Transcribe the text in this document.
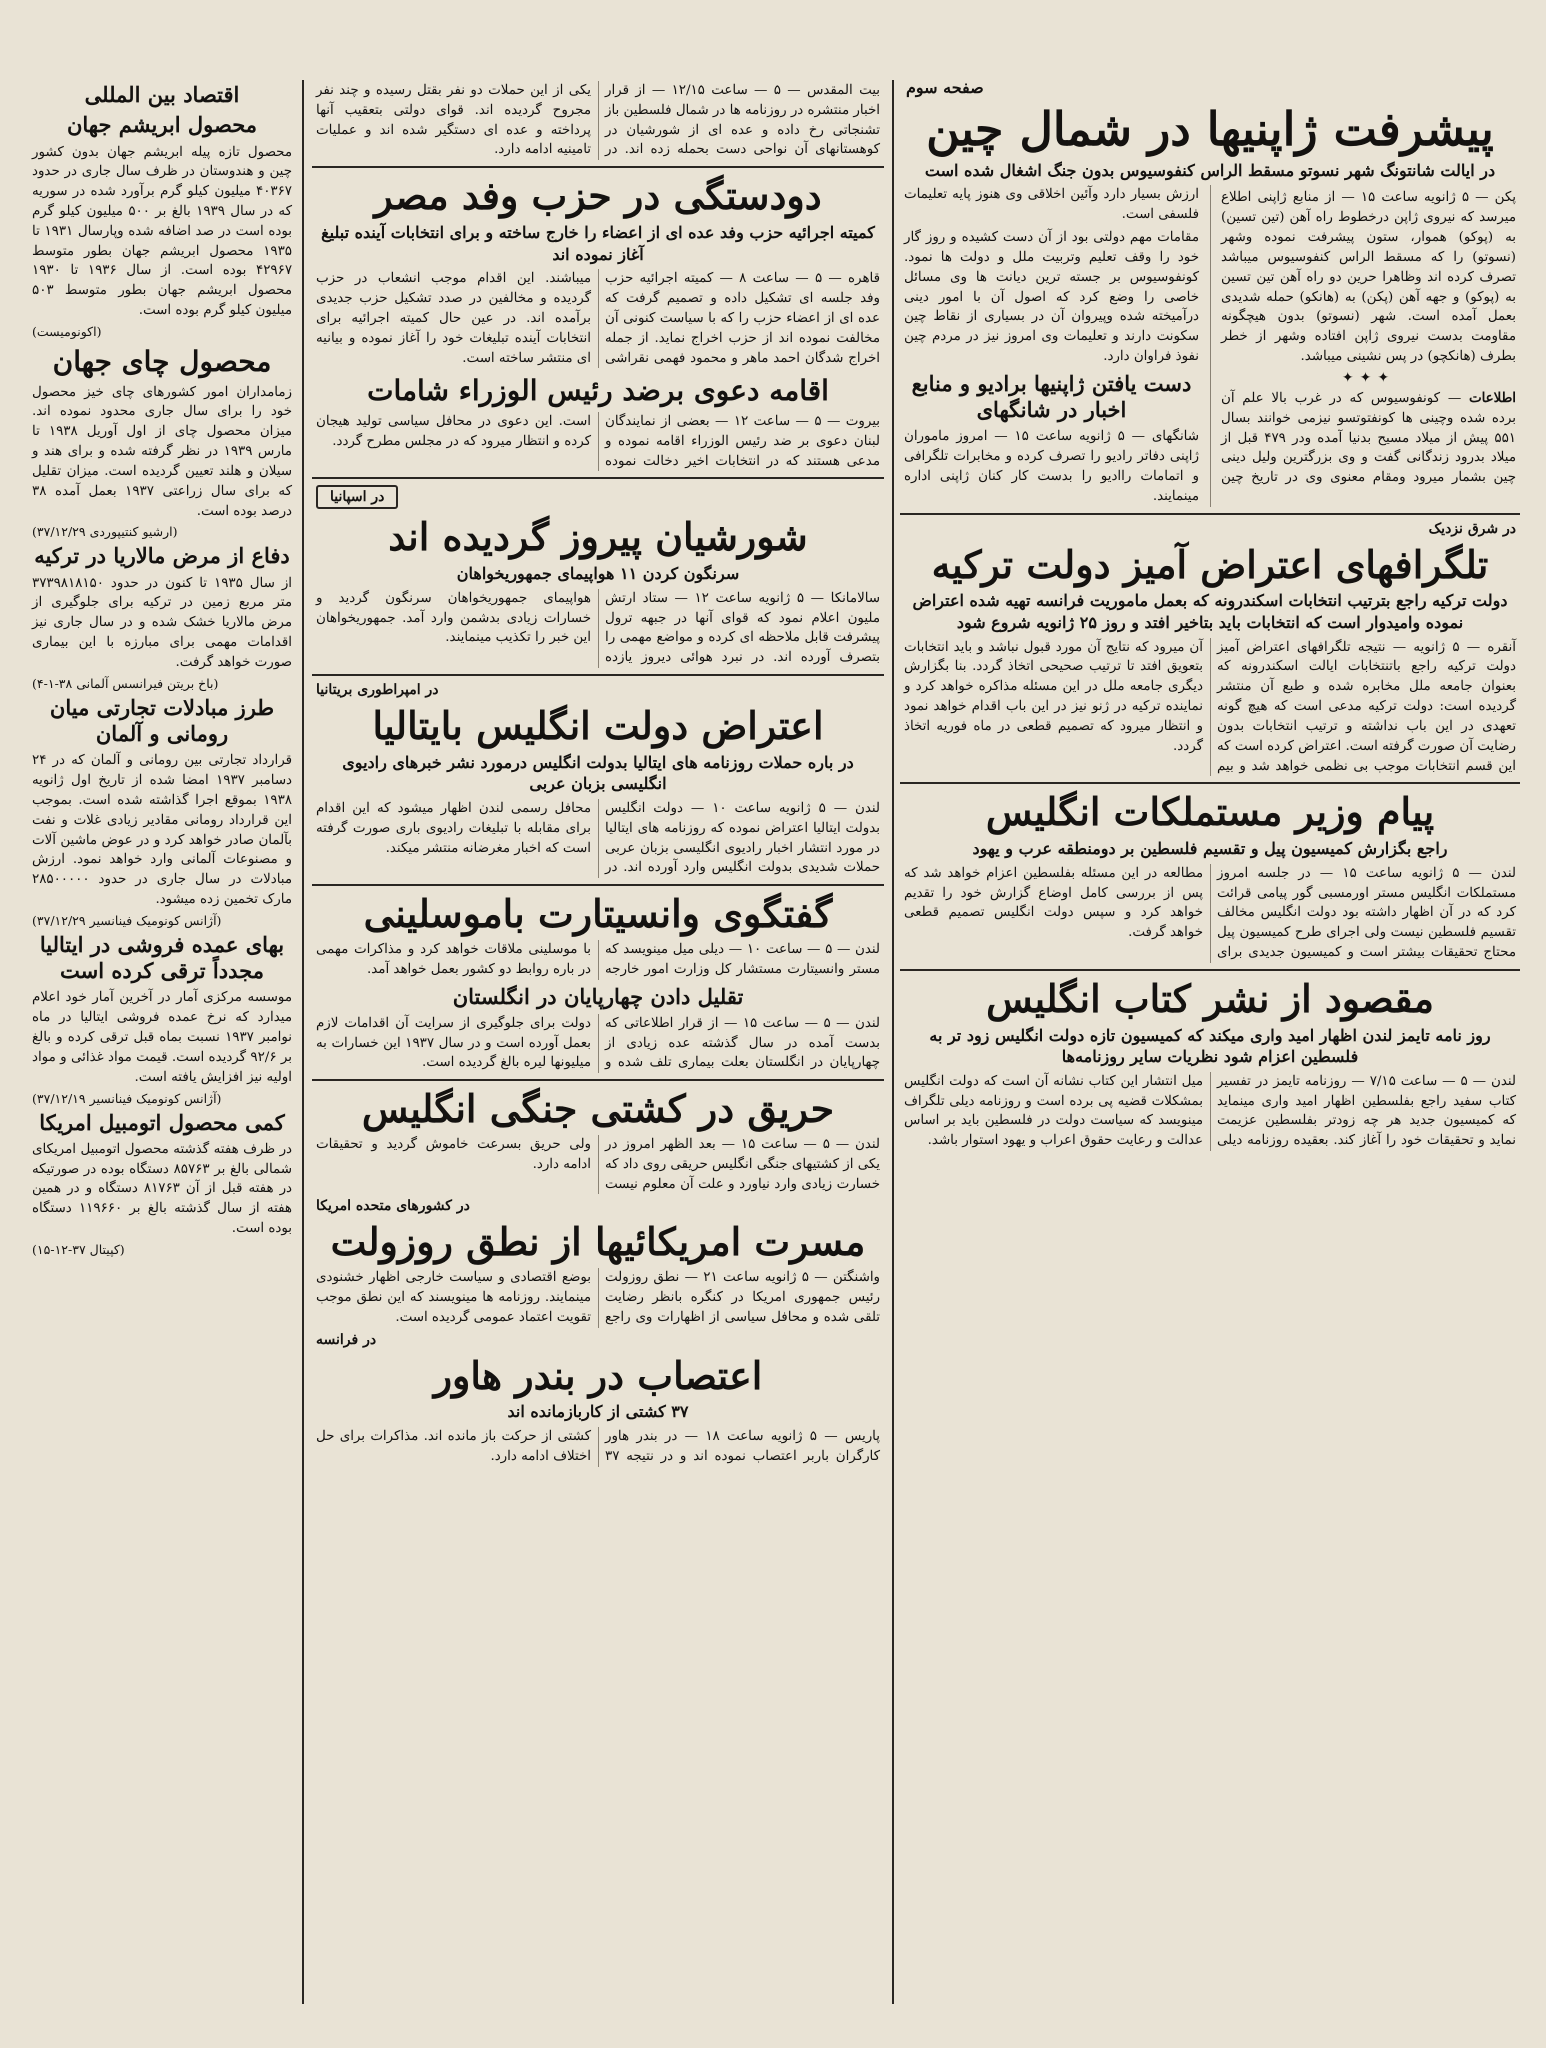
صفحه سوم
پیشرفت ژاپنیها در شمال چین
در ایالت شانتونگ شهر نسوتو مسقط الراس کنفوسیوس بدون جنگ اشغال شده است
پکن — ۵ ژانویه ساعت ۱۵ — از منابع ژاپنی اطلاع میرسد که نیروی ژاپن درخطوط راه آهن (تین تسین) به (پوکو) هموار، ستون پیشرفت نموده وشهر (نسوتو) را که مسقط الراس کنفوسیوس میباشد تصرف کرده اند وظاهرا حرین دو راه آهن تین تسین به (پوکو) و جهه آهن (پکن) به (هانکو) حمله شدیدی بعمل آمده است. شهر (نسوتو) بدون هیچگونه مقاومت بدست نیروی ژاپن افتاده وشهر از خطر بطرف (هانکچو) در پس نشینی میباشد.
✦✦✦
اطلاعات — کونفوسیوس که در غرب بالا علم آن برده شده وچینی ها کونفتوتسو نیزمی خوانند بسال ۵۵۱ پیش از میلاد مسیح بدنیا آمده ودر ۴۷۹ قبل از میلاد بدرود زندگانی گفت و وی بزرگترین ولیل دینی چین بشمار میرود ومقام معنوی وی در تاریخ چین ارزش بسیار دارد وآئین اخلاقی وی هنوز پایه تعلیمات فلسفی است.
مقامات مهم دولتی بود از آن دست کشیده و روز گار خود را وقف تعلیم وتربیت ملل و دولت ها نمود. کونفوسیوس بر جسته ترین دیانت ها وی مسائل خاصی را وضع کرد که اصول آن با امور دینی درآمیخته شده وپیروان آن در بسیاری از نقاط چین سکونت دارند و تعلیمات وی امروز نیز در مردم چین نفوذ فراوان دارد.
دست یافتن ژاپنیها برادیو و منابع اخبار در شانگهای
شانگهای — ۵ ژانویه ساعت ۱۵ — امروز ماموران ژاپنی دفاتر رادیو را تصرف کرده و مخابرات تلگرافی و اتمامات راادیو را بدست کار کنان ژاپنی اداره مینمایند.
در شرق نزدیک
تلگرافهای اعتراض آمیز دولت ترکیه
دولت ترکیه راجع بترتیب انتخابات اسکندرونه که بعمل ماموریت فرانسه تهیه شده اعتراض نموده وامیدوار است که انتخابات باید بتاخیر افتد و روز ۲۵ ژانویه شروع شود
آنقره — ۵ ژانویه — نتیجه تلگرافهای اعتراض آمیز دولت ترکیه راجع باتنتخابات ایالت اسکندرونه که بعنوان جامعه ملل مخابره شده و طبع آن منتشر گردیده است: دولت ترکیه مدعی است که هیچ گونه تعهدی در این باب نداشته و ترتیب انتخابات بدون رضایت آن صورت گرفته است. اعتراض کرده است که این قسم انتخابات موجب بی نظمی خواهد شد و بیم آن میرود که نتایج آن مورد قبول نباشد و باید انتخابات بتعویق افتد تا ترتیب صحیحی اتخاذ گردد. بنا بگزارش دیگری جامعه ملل در این مسئله مذاکره خواهد کرد و نماینده ترکیه در ژنو نیز در این باب اقدام خواهد نمود و انتظار میرود که تصمیم قطعی در ماه فوریه اتخاذ گردد.
پیام وزیر مستملکات انگلیس
راجع بگزارش کمیسیون پیل و تقسیم فلسطین بر دومنطقه عرب و یهود
لندن — ۵ ژانویه ساعت ۱۵ — در جلسه امروز مستملکات انگلیس مستر اورمسبی گور پیامی قرائت کرد که در آن اظهار داشته بود دولت انگلیس مخالف تقسیم فلسطین نیست ولی اجرای طرح کمیسیون پیل محتاج تحقیقات بیشتر است و کمیسیون جدیدی برای مطالعه در این مسئله بفلسطین اعزام خواهد شد که پس از بررسی کامل اوضاع گزارش خود را تقدیم خواهد کرد و سپس دولت انگلیس تصمیم قطعی خواهد گرفت.
مقصود از نشر کتاب انگلیس
روز نامه تایمز لندن اظهار امید واری میکند که کمیسیون تازه دولت انگلیس زود تر به فلسطین اعزام شود نظریات سایر روزنامه‌ها
لندن — ۵ — ساعت ۷/۱۵ — روزنامه تایمز در تفسیر کتاب سفید راجع بفلسطین اظهار امید واری مینماید که کمیسیون جدید هر چه زودتر بفلسطین عزیمت نماید و تحقیقات خود را آغاز کند. بعقیده روزنامه دیلی میل انتشار این کتاب نشانه آن است که دولت انگلیس بمشکلات قضیه پی برده است و روزنامه دیلی تلگراف مینویسد که سیاست دولت در فلسطین باید بر اساس عدالت و رعایت حقوق اعراب و یهود استوار باشد.
بیت المقدس — ۵ — ساعت ۱۲/۱۵ — از قرار اخبار منتشره در روزنامه ها در شمال فلسطین باز تشنجاتی رخ داده و عده ای از شورشیان در کوهستانهای آن نواحی دست بحمله زده اند. در یکی از این حملات دو نفر بقتل رسیده و چند نفر مجروح گردیده اند. قوای دولتی بتعقیب آنها پرداخته و عده ای دستگیر شده اند و عملیات تامینیه ادامه دارد.
دودستگی در حزب وفد مصر
کمیته اجرائیه حزب وفد عده ای از اعضاء را خارج ساخته و برای انتخابات آینده تبلیغ آغاز نموده اند
قاهره — ۵ — ساعت ۸ — کمیته اجرائیه حزب وفد جلسه ای تشکیل داده و تصمیم گرفت که عده ای از اعضاء حزب را که با سیاست کنونی آن مخالفت نموده اند از حزب اخراج نماید. از جمله اخراج شدگان احمد ماهر و محمود فهمی نقراشی میباشند. این اقدام موجب انشعاب در حزب گردیده و مخالفین در صدد تشکیل حزب جدیدی برآمده اند. در عین حال کمیته اجرائیه برای انتخابات آینده تبلیغات خود را آغاز نموده و بیانیه ای منتشر ساخته است.
اقامه دعوی برضد رئیس الوزراء شامات
بیروت — ۵ — ساعت ۱۲ — بعضی از نمایندگان لبنان دعوی بر ضد رئیس الوزراء اقامه نموده و مدعی هستند که در انتخابات اخیر دخالت نموده است. این دعوی در محافل سیاسی تولید هیجان کرده و انتظار میرود که در مجلس مطرح گردد.
در اسپانیا
شورشیان پیروز گردیده اند
سرنگون کردن ۱۱ هواپیمای جمهوریخواهان
سالامانکا — ۵ ژانویه ساعت ۱۲ — ستاد ارتش ملیون اعلام نمود که قوای آنها در جبهه ترول پیشرفت قابل ملاحظه ای کرده و مواضع مهمی را بتصرف آورده اند. در نبرد هوائی دیروز یازده هواپیمای جمهوریخواهان سرنگون گردید و خسارات زیادی بدشمن وارد آمد. جمهوریخواهان این خبر را تکذیب مینمایند.
در امپراطوری بریتانیا
اعتراض دولت انگلیس بایتالیا
در باره حملات روزنامه های ایتالیا بدولت انگلیس درمورد نشر خبرهای رادیوی انگلیسی بزبان عربی
لندن — ۵ ژانویه ساعت ۱۰ — دولت انگلیس بدولت ایتالیا اعتراض نموده که روزنامه های ایتالیا در مورد انتشار اخبار رادیوی انگلیسی بزبان عربی حملات شدیدی بدولت انگلیس وارد آورده اند. در محافل رسمی لندن اظهار میشود که این اقدام برای مقابله با تبلیغات رادیوی باری صورت گرفته است که اخبار مغرضانه منتشر میکند.
گفتگوی وانسیتارت باموسلینی
لندن — ۵ — ساعت ۱۰ — دیلی میل مینویسد که مستر وانسیتارت مستشار کل وزارت امور خارجه با موسلینی ملاقات خواهد کرد و مذاکرات مهمی در باره روابط دو کشور بعمل خواهد آمد.
تقلیل دادن چهارپایان در انگلستان
لندن — ۵ — ساعت ۱۵ — از قرار اطلاعاتی که بدست آمده در سال گذشته عده زیادی از چهارپایان در انگلستان بعلت بیماری تلف شده و دولت برای جلوگیری از سرایت آن اقدامات لازم بعمل آورده است و در سال ۱۹۳۷ این خسارات به میلیونها لیره بالغ گردیده است.
حریق در کشتی جنگی انگلیس
لندن — ۵ — ساعت ۱۵ — بعد الظهر امروز در یکی از کشتیهای جنگی انگلیس حریقی روی داد که خسارت زیادی وارد نیاورد و علت آن معلوم نیست ولی حریق بسرعت خاموش گردید و تحقیقات ادامه دارد.
در کشورهای متحده امریکا
مسرت امریکائیها از نطق روزولت
واشنگتن — ۵ ژانویه ساعت ۲۱ — نطق روزولت رئیس جمهوری امریکا در کنگره بانظر رضایت تلقی شده و محافل سیاسی از اظهارات وی راجع بوضع اقتصادی و سیاست خارجی اظهار خشنودی مینمایند. روزنامه ها مینویسند که این نطق موجب تقویت اعتماد عمومی گردیده است.
در فرانسه
اعتصاب در بندر هاور
۳۷ کشتی از کاربازمانده اند
پاریس — ۵ ژانویه ساعت ۱۸ — در بندر هاور کارگران باربر اعتصاب نموده اند و در نتیجه ۳۷ کشتی از حرکت باز مانده اند. مذاکرات برای حل اختلاف ادامه دارد.
اقتصاد بین المللی
محصول ابریشم جهان
محصول تازه پیله ابریشم جهان بدون کشور چین و هندوستان در ظرف سال جاری در حدود ۴۰۳۶۷ میلیون کیلو گرم برآورد شده در سوریه که در سال ۱۹۳۹ بالغ بر ۵۰۰ میلیون کیلو گرم بوده است در صد اضافه شده وپارسال ۱۹۳۱ تا ۱۹۳۵ محصول ابریشم جهان بطور متوسط ۴۲۹۶۷ بوده است. از سال ۱۹۳۶ تا ۱۹۳۰ محصول ابریشم جهان بطور متوسط ۵۰۳ میلیون کیلو گرم بوده است.
(اکونومیست)
محصول چای جهان
زمامداران امور کشورهای چای خیز محصول خود را برای سال جاری محدود نموده اند. میزان محصول چای از اول آوریل ۱۹۳۸ تا مارس ۱۹۳۹ در نظر گرفته شده و برای هند و سیلان و هلند تعیین گردیده است. میزان تقلیل که برای سال زراعتی ۱۹۳۷ بعمل آمده ۳۸ درصد بوده است.
(ارشیو کنتیپوردی ۳۷/۱۲/۲۹)
دفاع از مرض مالاریا در ترکیه
از سال ۱۹۳۵ تا کنون در حدود ۳۷۳۹۸۱۸۱۵۰ متر مربع زمین در ترکیه برای جلوگیری از مرض مالاریا خشک شده و در سال جاری نیز اقدامات مهمی برای مبارزه با این بیماری صورت خواهد گرفت.
(باخ بریتن فیرانسس آلمانی ۳۸-۱-۴)
طرز مبادلات تجارتی میان رومانی و آلمان
قرارداد تجارتی بین رومانی و آلمان که در ۲۴ دسامبر ۱۹۳۷ امضا شده از تاریخ اول ژانویه ۱۹۳۸ بموقع اجرا گذاشته شده است. بموجب این قرارداد رومانی مقادیر زیادی غلات و نفت بآلمان صادر خواهد کرد و در عوض ماشین آلات و مصنوعات آلمانی وارد خواهد نمود. ارزش مبادلات در سال جاری در حدود ۲۸۵۰۰۰۰۰ مارک تخمین زده میشود.
(آژانس کونومیک فینانسیر ۳۷/۱۲/۲۹)
بهای عمده فروشی در ایتالیا مجدداً ترقی کرده است
موسسه مرکزی آمار در آخرین آمار خود اعلام میدارد که نرخ عمده فروشی ایتالیا در ماه نوامبر ۱۹۳۷ نسبت بماه قبل ترقی کرده و بالغ بر ۹۲/۶ گردیده است. قیمت مواد غذائی و مواد اولیه نیز افزایش یافته است.
(آژانس کونومیک فینانسیر ۳۷/۱۲/۱۹)
کمی محصول اتومبیل امریکا
در ظرف هفته گذشته محصول اتومبیل امریکای شمالی بالغ بر ۸۵۷۶۳ دستگاه بوده در صورتیکه در هفته قبل از آن ۸۱۷۶۳ دستگاه و در همین هفته از سال گذشته بالغ بر ۱۱۹۶۶۰ دستگاه بوده است.
(کپیتال ۳۷-۱۲-۱۵)
